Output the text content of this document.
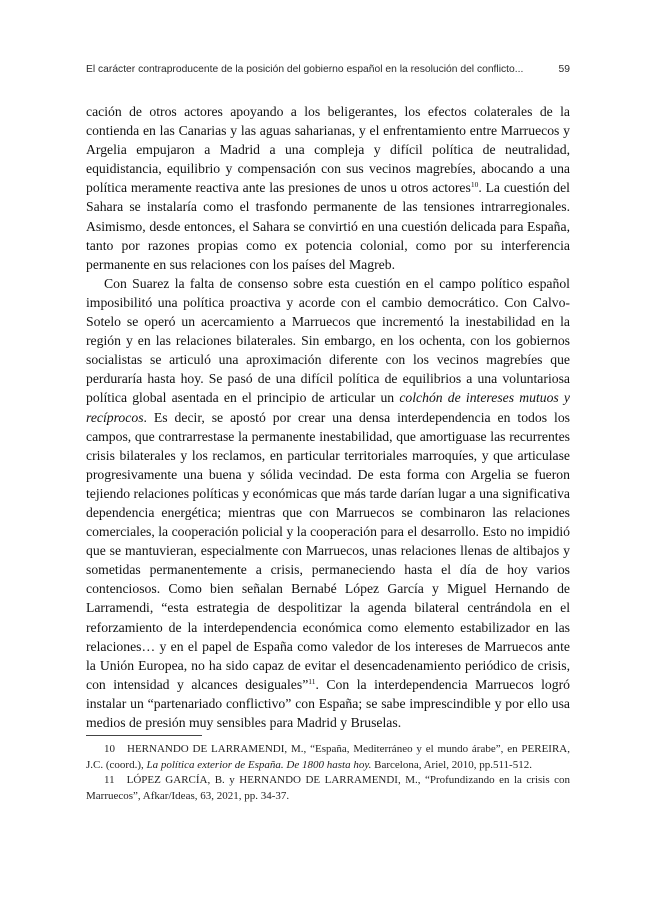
El carácter contraproducente de la posición del gobierno español en la resolución del conflicto...	59

cación de otros actores apoyando a los beligerantes, los efectos colaterales de la contienda en las Canarias y las aguas saharianas, y el enfrentamiento entre Marruecos y Argelia empujaron a Madrid a una compleja y difícil política de neutralidad, equidistancia, equilibrio y compensación con sus vecinos magrebíes, abocando a una política meramente reactiva ante las presiones de unos u otros actores$^{10}$. La cuestión del Sahara se instalaría como el trasfondo permanente de las tensiones intrarregionales. Asimismo, desde entonces, el Sahara se convirtió en una cuestión delicada para España, tanto por razones propias como ex potencia colonial, como por su interferencia permanente en sus relaciones con los países del Magreb.

Con Suarez la falta de consenso sobre esta cuestión en el campo político español imposibilitó una política proactiva y acorde con el cambio democrático. Con Calvo-Sotelo se operó un acercamiento a Marruecos que incrementó la inestabilidad en la región y en las relaciones bilaterales. Sin embargo, en los ochenta, con los gobiernos socialistas se articuló una aproximación diferente con los vecinos magrebíes que perduraría hasta hoy. Se pasó de una difícil política de equilibrios a una voluntariosa política global asentada en el principio de articular un colchón de intereses mutuos y recíprocos. Es decir, se apostó por crear una densa interdependencia en todos los campos, que contrarrestase la permanente inestabilidad, que amortiguase las recurrentes crisis bilaterales y los reclamos, en particular territoriales marroquíes, y que articulase progresivamente una buena y sólida vecindad. De esta forma con Argelia se fueron tejiendo relaciones políticas y económicas que más tarde darían lugar a una significativa dependencia energética; mientras que con Marruecos se combinaron las relaciones comerciales, la cooperación policial y la cooperación para el desarrollo. Esto no impidió que se mantuvieran, especialmente con Marruecos, unas relaciones llenas de altibajos y sometidas permanentemente a crisis, permaneciendo hasta el día de hoy varios contenciosos. Como bien señalan Bernabé López García y Miguel Hernando de Larramendi, “esta estrategia de despolitizar la agenda bilateral centrándola en el reforzamiento de la interdependencia económica como elemento estabilizador en las relaciones… y en el papel de España como valedor de los intereses de Marruecos ante la Unión Europea, no ha sido capaz de evitar el desencadenamiento periódico de crisis, con intensidad y alcances desiguales”$^{11}$. Con la interdependencia Marruecos logró instalar un “partenariado conflictivo” con España; se sabe imprescindible y por ello usa medios de presión muy sensibles para Madrid y Bruselas.

10 HERNANDO DE LARRAMENDI, M., “España, Mediterráneo y el mundo árabe”, en PEREIRA, J.C. (coord.), La política exterior de España. De 1800 hasta hoy. Barcelona, Ariel, 2010, pp.511-512.

11 LÓPEZ GARCÍA, B. y HERNANDO DE LARRAMENDI, M., “Profundizando en la crisis con Marruecos”, Afkar/Ideas, 63, 2021, pp. 34-37.
